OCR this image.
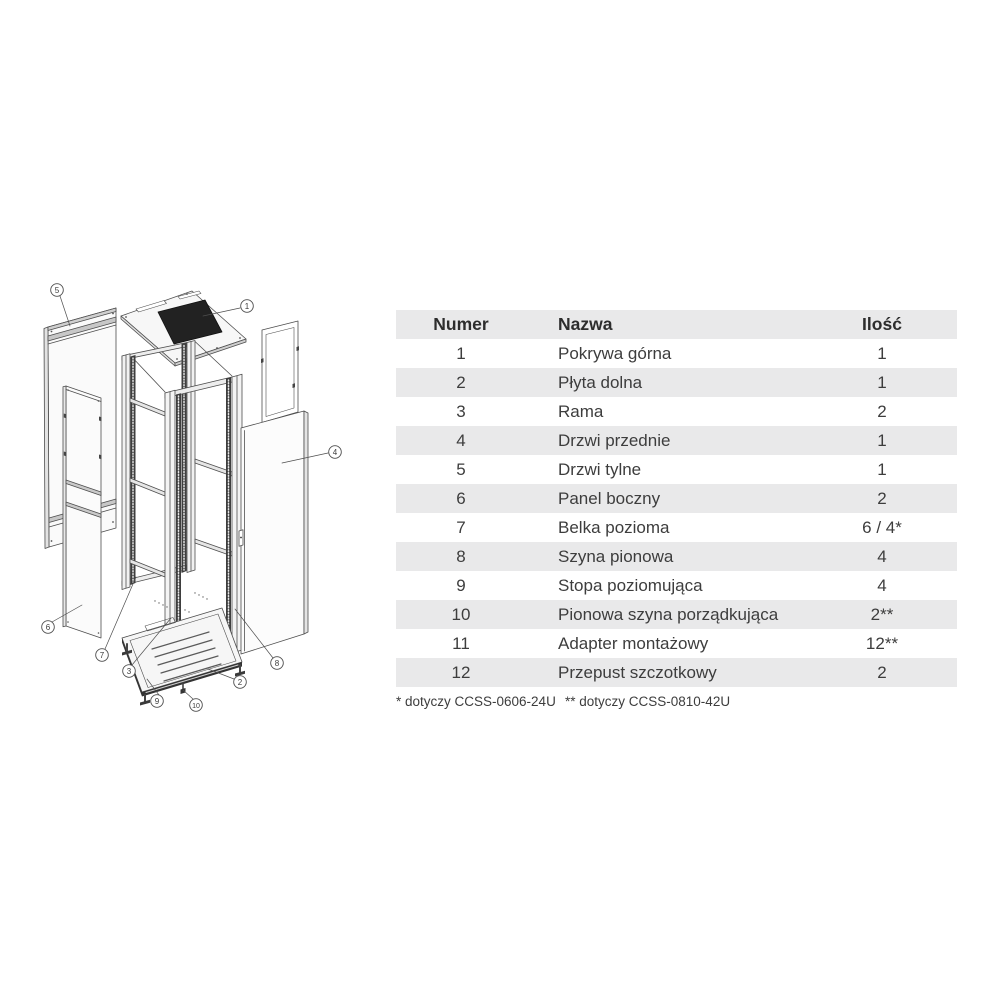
5
1
4
6
7
3
8
2
9
10
Numer	Nazwa	Ilość
1	Pokrywa górna	1
2	Płyta dolna	1
3	Rama	2
4	Drzwi przednie	1
5	Drzwi tylne	1
6	Panel boczny	2
7	Belka pozioma	6 / 4*
8	Szyna pionowa	4
9	Stopa poziomująca	4
10	Pionowa szyna porządkująca	2**
11	Adapter montażowy	12**
12	Przepust szczotkowy	2
* dotyczy CCSS-0606-24U ** dotyczy CCSS-0810-42U
